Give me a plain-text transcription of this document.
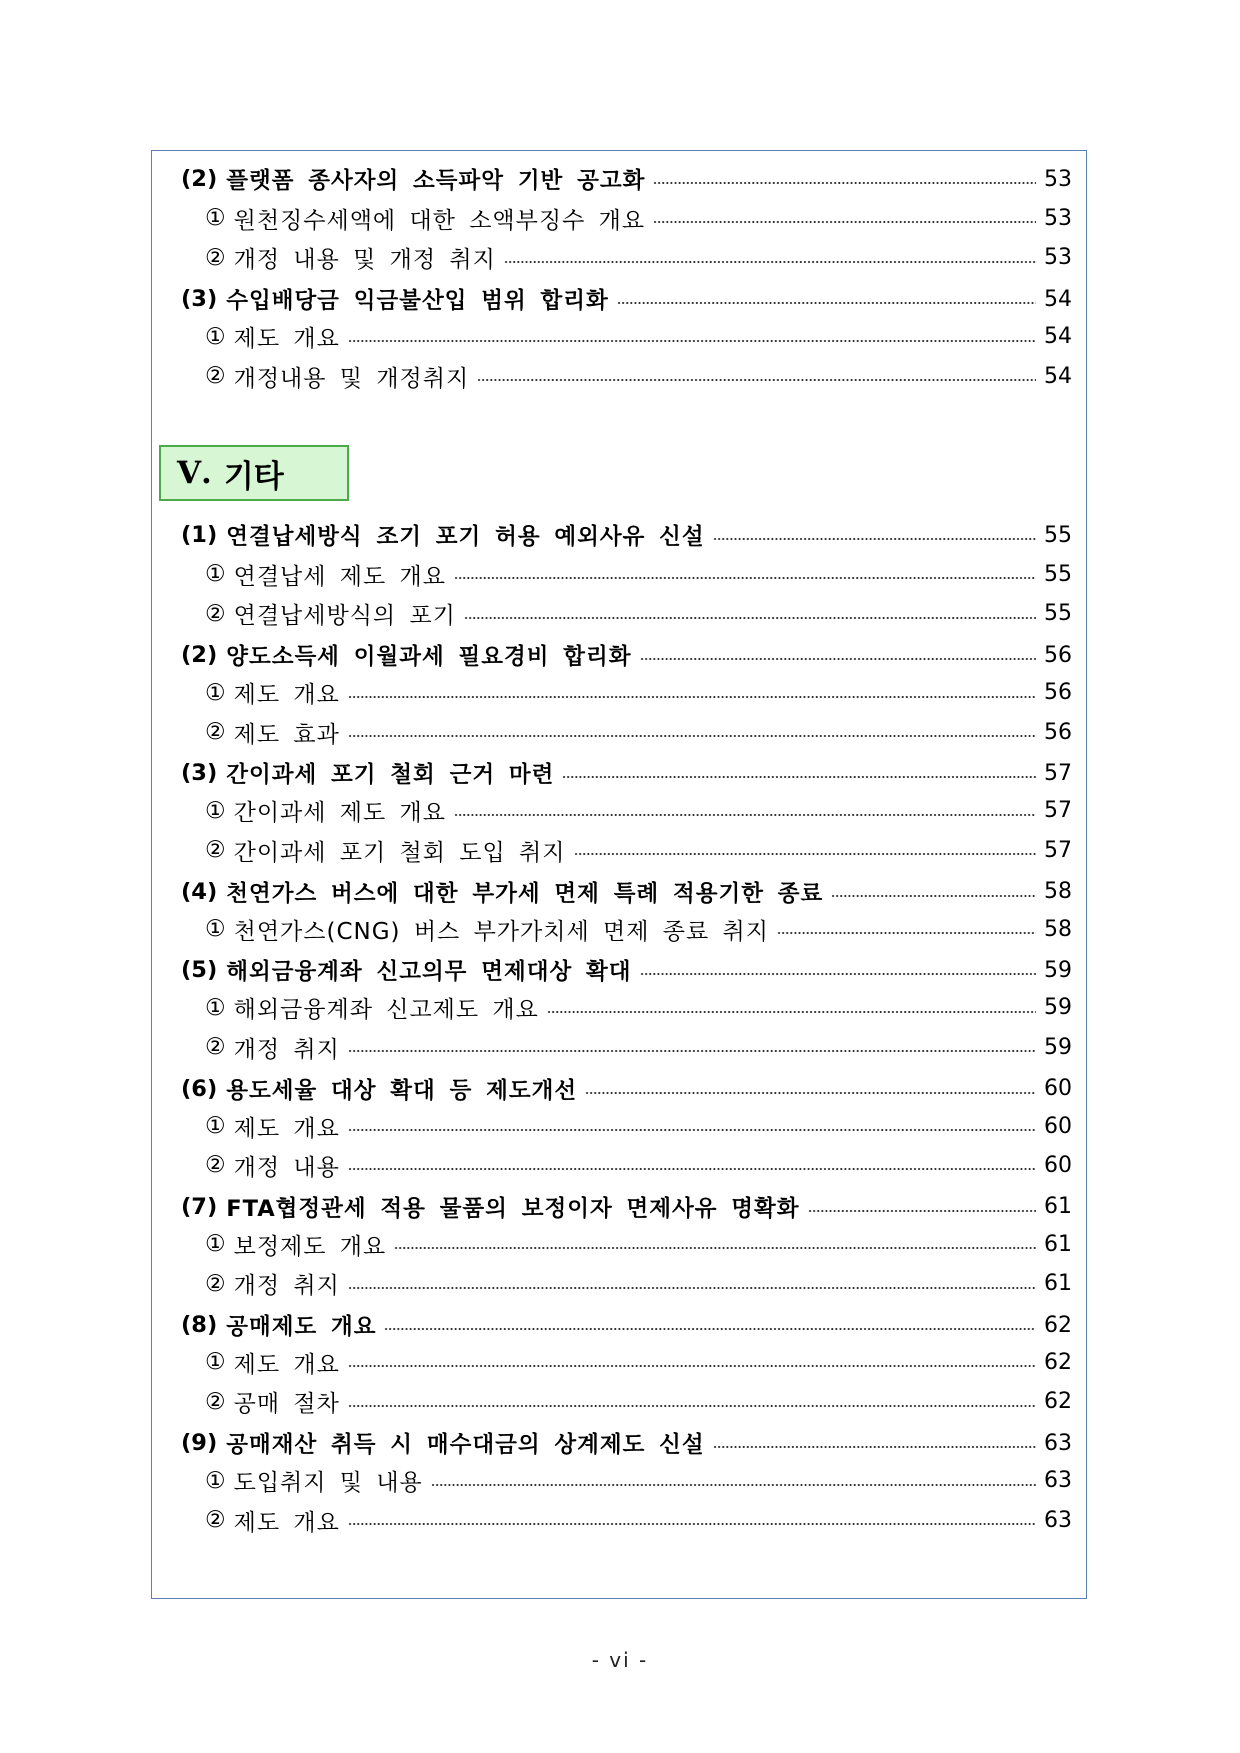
(2) 플랫폼 종사자의 소득파악 기반 공고화	53
① 원천징수세액에 대한 소액부징수 개요	53
② 개정 내용 및 개정 취지	53
(3) 수입배당금 익금불산입 범위 합리화	54
① 제도 개요	54
② 개정내용 및 개정취지	54
Ⅴ. 기타
(1) 연결납세방식 조기 포기 허용 예외사유 신설	55
① 연결납세 제도 개요	55
② 연결납세방식의 포기	55
(2) 양도소득세 이월과세 필요경비 합리화	56
① 제도 개요	56
② 제도 효과	56
(3) 간이과세 포기 철회 근거 마련	57
① 간이과세 제도 개요	57
② 간이과세 포기 철회 도입 취지	57
(4) 천연가스 버스에 대한 부가세 면제 특례 적용기한 종료	58
① 천연가스(CNG) 버스 부가가치세 면제 종료 취지	58
(5) 해외금융계좌 신고의무 면제대상 확대	59
① 해외금융계좌 신고제도 개요	59
② 개정 취지	59
(6) 용도세율 대상 확대 등 제도개선	60
① 제도 개요	60
② 개정 내용	60
(7) FTA협정관세 적용 물품의 보정이자 면제사유 명확화	61
① 보정제도 개요	61
② 개정 취지	61
(8) 공매제도 개요	62
① 제도 개요	62
② 공매 절차	62
(9) 공매재산 취득 시 매수대금의 상계제도 신설	63
① 도입취지 및 내용	63
② 제도 개요	63
- vi -
